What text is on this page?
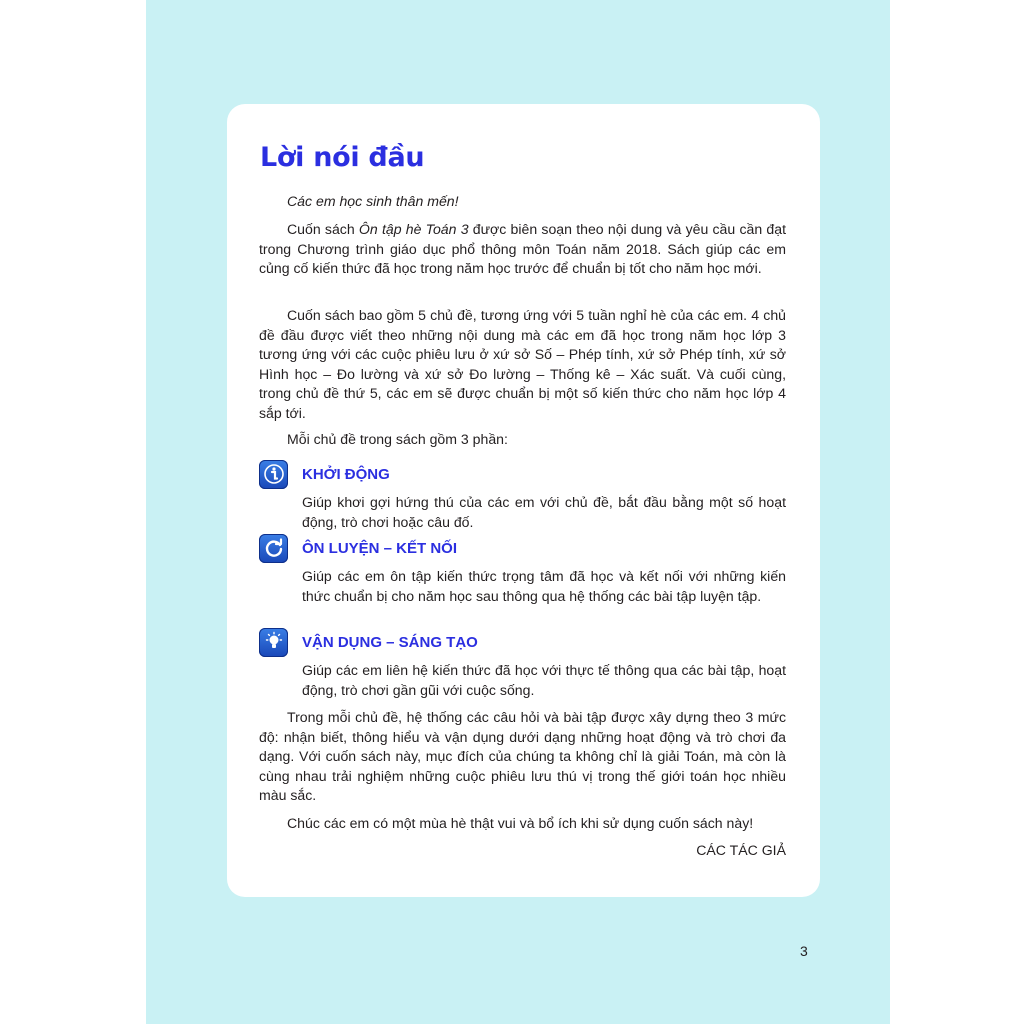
Lời nói đầu

Các em học sinh thân mến!

Cuốn sách Ôn tập hè Toán 3 được biên soạn theo nội dung và yêu cầu cần đạt trong Chương trình giáo dục phổ thông môn Toán năm 2018. Sách giúp các em củng cố kiến thức đã học trong năm học trước để chuẩn bị tốt cho năm học mới.

Cuốn sách bao gồm 5 chủ đề, tương ứng với 5 tuần nghỉ hè của các em. 4 chủ đề đầu được viết theo những nội dung mà các em đã học trong năm học lớp 3 tương ứng với các cuộc phiêu lưu ở xứ sở Số – Phép tính, xứ sở Phép tính, xứ sở Hình học – Đo lường và xứ sở Đo lường – Thống kê – Xác suất. Và cuối cùng, trong chủ đề thứ 5, các em sẽ được chuẩn bị một số kiến thức cho năm học lớp 4 sắp tới.

Mỗi chủ đề trong sách gồm 3 phần:

KHỞI ĐỘNG

Giúp khơi gợi hứng thú của các em với chủ đề, bắt đầu bằng một số hoạt động, trò chơi hoặc câu đố.

ÔN LUYỆN – KẾT NỐI

Giúp các em ôn tập kiến thức trọng tâm đã học và kết nối với những kiến thức chuẩn bị cho năm học sau thông qua hệ thống các bài tập luyện tập.

VẬN DỤNG – SÁNG TẠO

Giúp các em liên hệ kiến thức đã học với thực tế thông qua các bài tập, hoạt động, trò chơi gần gũi với cuộc sống.

Trong mỗi chủ đề, hệ thống các câu hỏi và bài tập được xây dựng theo 3 mức độ: nhận biết, thông hiểu và vận dụng dưới dạng những hoạt động và trò chơi đa dạng. Với cuốn sách này, mục đích của chúng ta không chỉ là giải Toán, mà còn là cùng nhau trải nghiệm những cuộc phiêu lưu thú vị trong thế giới toán học nhiều màu sắc.

Chúc các em có một mùa hè thật vui và bổ ích khi sử dụng cuốn sách này!

CÁC TÁC GIẢ

3
